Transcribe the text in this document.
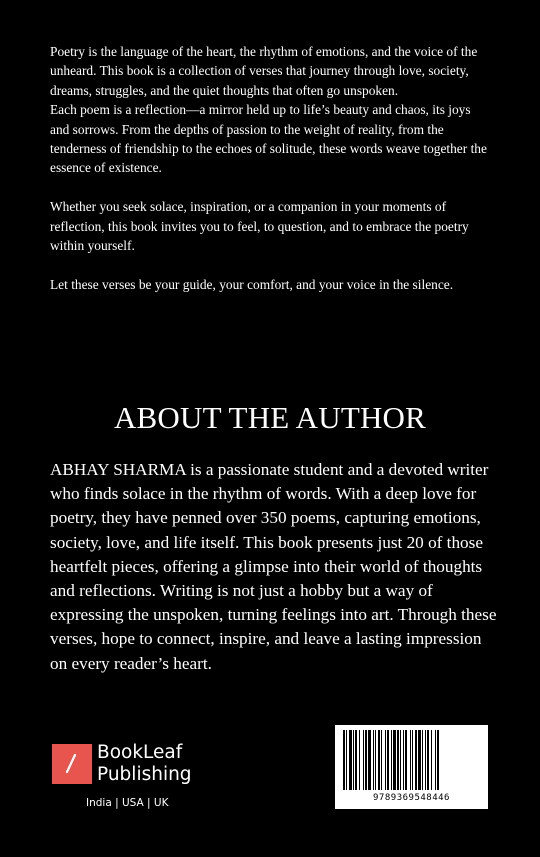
Poetry is the language of the heart, the rhythm of emotions, and the voice of the unheard. This book is a collection of verses that journey through love, society, dreams, struggles, and the quiet thoughts that often go unspoken.

Each poem is a reflection—a mirror held up to life’s beauty and chaos, its joys and sorrows. From the depths of passion to the weight of reality, from the tenderness of friendship to the echoes of solitude, these words weave together the essence of existence.

Whether you seek solace, inspiration, or a companion in your moments of reflection, this book invites you to feel, to question, and to embrace the poetry within yourself.

Let these verses be your guide, your comfort, and your voice in the silence.

ABOUT THE AUTHOR

ABHAY SHARMA is a passionate student and a devoted writer who finds solace in the rhythm of words. With a deep love for poetry, they have penned over 350 poems, capturing emotions, society, love, and life itself. This book presents just 20 of those heartfelt pieces, offering a glimpse into their world of thoughts and reflections. Writing is not just a hobby but a way of expressing the unspoken, turning feelings into art. Through these verses, hope to connect, inspire, and leave a lasting impression on every reader’s heart.

BookLeaf
Publishing
India | USA | UK	9789369548446
